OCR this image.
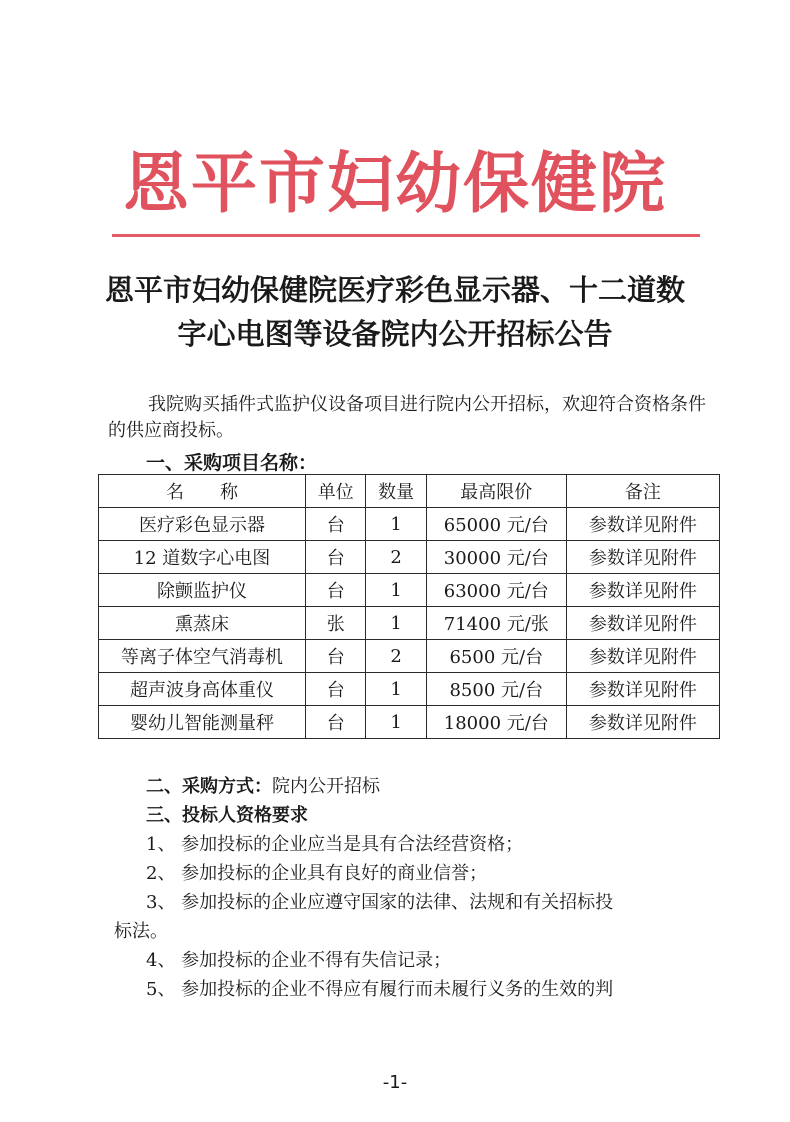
恩平市妇幼保健院
恩平市妇幼保健院医疗彩色显示器、十二道数
字心电图等设备院内公开招标公告
我院购买插件式监护仪设备项目进行院内公开招标，欢迎符合资格条件的供应商投标。
一、采购项目名称：
名　　称	单位	数量	最高限价	备注
医疗彩色显示器	台	1	65000 元/台	参数详见附件
12 道数字心电图	台	2	30000 元/台	参数详见附件
除颤监护仪	台	1	63000 元/台	参数详见附件
熏蒸床	张	1	71400 元/张	参数详见附件
等离子体空气消毒机	台	2	6500 元/台	参数详见附件
超声波身高体重仪	台	1	8500 元/台	参数详见附件
婴幼儿智能测量秤	台	1	18000 元/台	参数详见附件
二、采购方式：院内公开招标
三、投标人资格要求
1、 参加投标的企业应当是具有合法经营资格；
2、 参加投标的企业具有良好的商业信誉；
3、 参加投标的企业应遵守国家的法律、法规和有关招标投
标法。
4、 参加投标的企业不得有失信记录；
5、 参加投标的企业不得应有履行而未履行义务的生效的判
-1-
